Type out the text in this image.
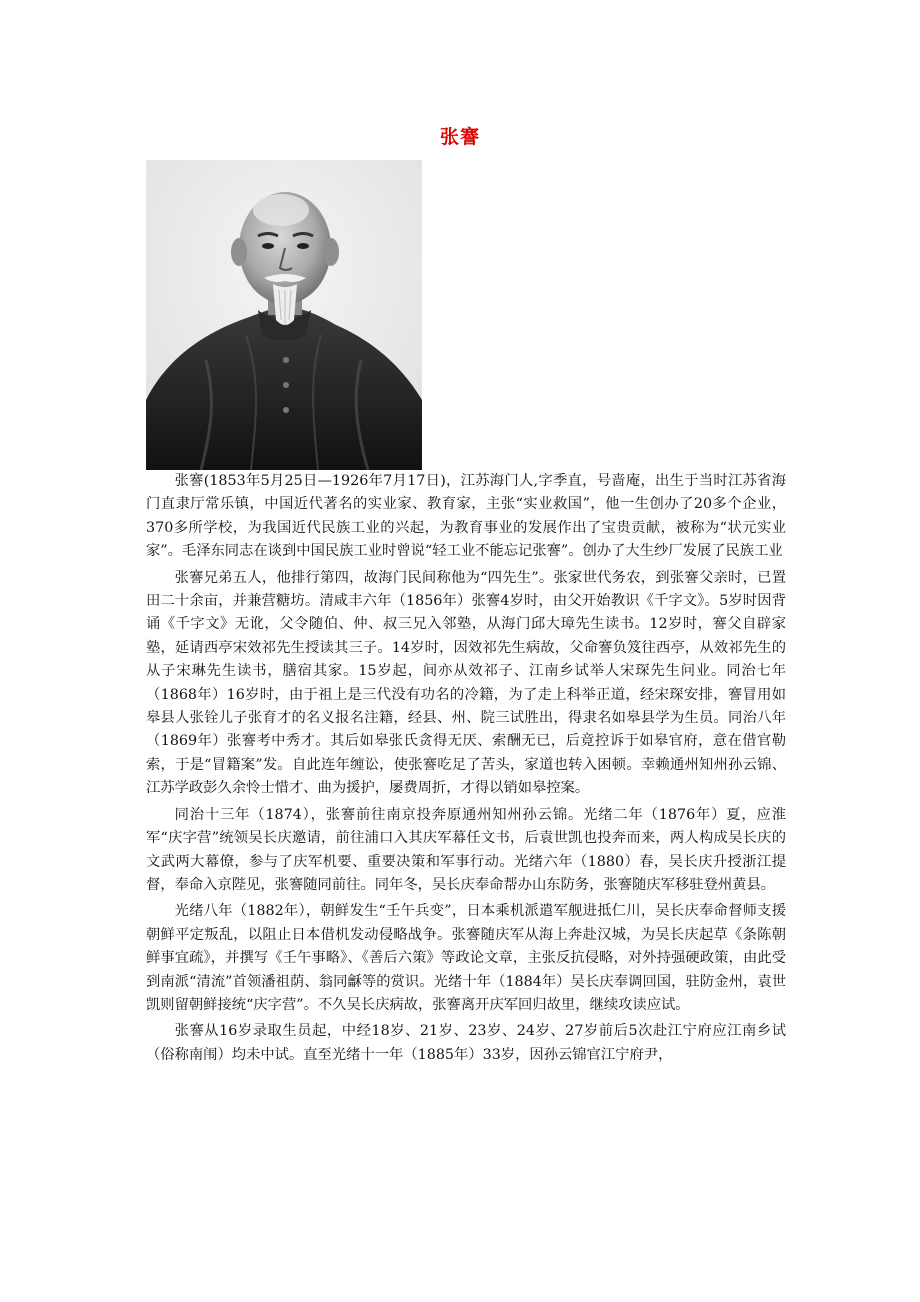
张謇

张謇(1853年5月25日—1926年7月17日)，江苏海门人,字季直，号啬庵，出生于当时江苏省海门直隶厅常乐镇，中国近代著名的实业家、教育家，主张“实业救国”，他一生创办了20多个企业，370多所学校，为我国近代民族工业的兴起，为教育事业的发展作出了宝贵贡献，被称为“状元实业家”。毛泽东同志在谈到中国民族工业时曾说“轻工业不能忘记张謇”。创办了大生纱厂发展了民族工业

张謇兄弟五人，他排行第四，故海门民间称他为“四先生”。张家世代务农，到张謇父亲时，已置田二十余亩，并兼营糖坊。清咸丰六年（1856年）张謇4岁时，由父开始教识《千字文》。5岁时因背诵《千字文》无讹，父令随伯、仲、叔三兄入邻塾，从海门邱大璋先生读书。12岁时，謇父自辟家塾，延请西亭宋效祁先生授读其三子。14岁时，因效祁先生病故，父命謇负笈往西亭，从效祁先生的从子宋琳先生读书，膳宿其家。15岁起，间亦从效祁子、江南乡试举人宋琛先生问业。同治七年（1868年）16岁时，由于祖上是三代没有功名的冷籍，为了走上科举正道，经宋琛安排，謇冒用如皋县人张铨儿子张育才的名义报名注籍，经县、州、院三试胜出，得隶名如皋县学为生员。同治八年（1869年）张謇考中秀才。其后如皋张氏贪得无厌、索酬无已，后竟控诉于如皋官府，意在借官勒索，于是“冒籍案”发。自此连年缠讼，使张謇吃足了苦头，家道也转入困顿。幸赖通州知州孙云锦、江苏学政彭久余怜士惜才、曲为援护，屡费周折，才得以销如皋控案。

同治十三年（1874），张謇前往南京投奔原通州知州孙云锦。光绪二年（1876年）夏，应淮军“庆字营”统领吴长庆邀请，前往浦口入其庆军幕任文书，后袁世凯也投奔而来，两人构成吴长庆的文武两大幕僚，参与了庆军机要、重要决策和军事行动。光绪六年（1880）春，吴长庆升授浙江提督，奉命入京陛见，张謇随同前往。同年冬，吴长庆奉命帮办山东防务，张謇随庆军移驻登州黄县。

光绪八年（1882年），朝鲜发生“壬午兵变”，日本乘机派遣军舰进抵仁川，吴长庆奉命督师支援朝鲜平定叛乱，以阻止日本借机发动侵略战争。张謇随庆军从海上奔赴汉城，为吴长庆起草《条陈朝鲜事宜疏》，并撰写《壬午事略》、《善后六策》等政论文章，主张反抗侵略，对外持强硬政策，由此受到南派“清流”首领潘祖荫、翁同龢等的赏识。光绪十年（1884年）吴长庆奉调回国，驻防金州，袁世凯则留朝鲜接统“庆字营”。不久吴长庆病故，张謇离开庆军回归故里，继续攻读应试。

张謇从16岁录取生员起，中经18岁、21岁、23岁、24岁、27岁前后5次赴江宁府应江南乡试（俗称南闱）均未中试。直至光绪十一年（1885年）33岁，因孙云锦官江宁府尹，
